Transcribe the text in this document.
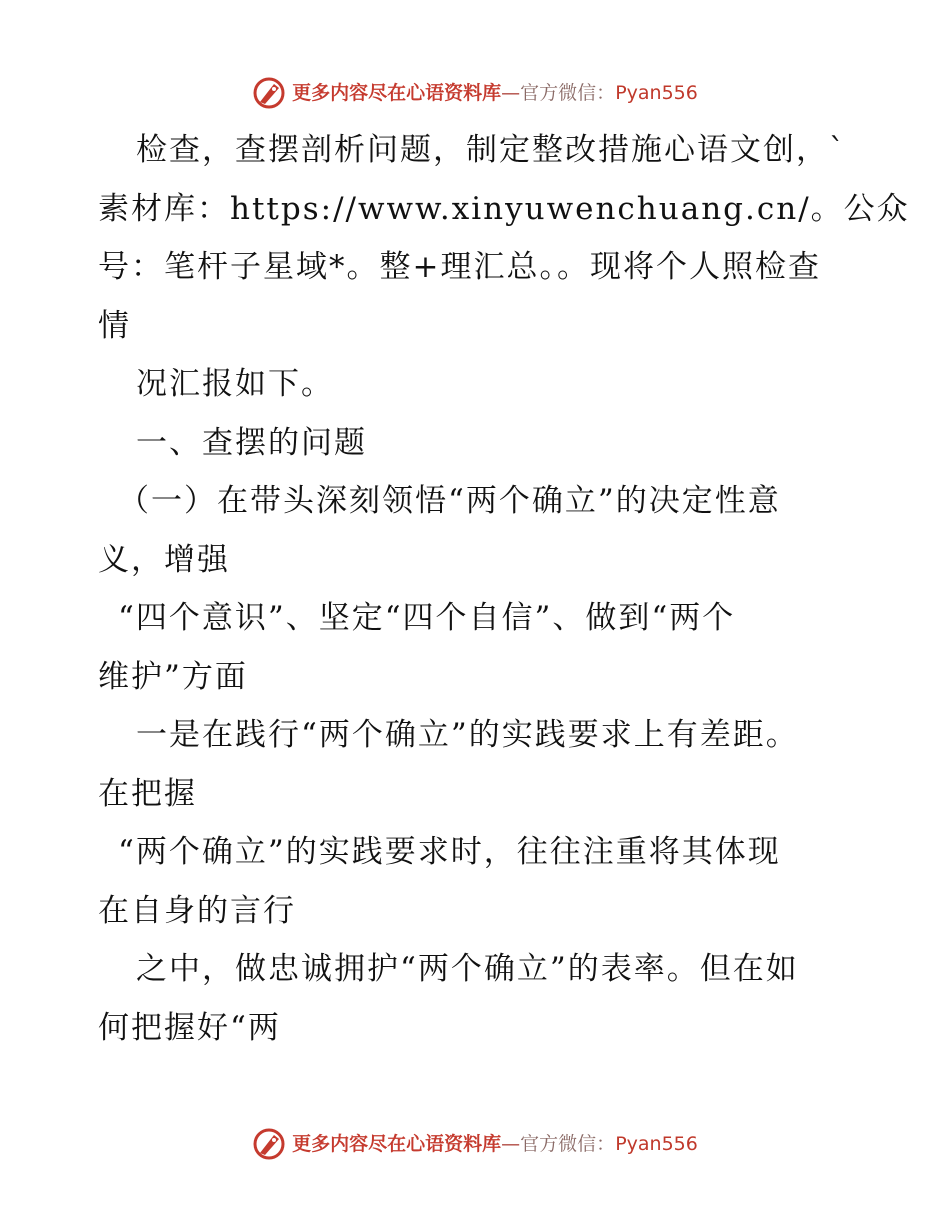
更多内容尽在心语资料库 — 官方微信： Pyan556
检查，查摆剖析问题，制定整改措施心语文创，`
素材库：https://www.xinyuwenchuang.cn/。公众
号：笔杆子星域*。整+理汇总。。现将个人照检查
情
况汇报如下。
一、查摆的问题
（一）在带头深刻领悟“两个确立”的决定性意
义，增强
“四个意识”、坚定“四个自信”、做到“两个
维护”方面
一是在践行“两个确立”的实践要求上有差距。
在把握
“两个确立”的实践要求时，往往注重将其体现
在自身的言行
之中，做忠诚拥护“两个确立”的表率。但在如
何把握好“两
更多内容尽在心语资料库 — 官方微信： Pyan556
